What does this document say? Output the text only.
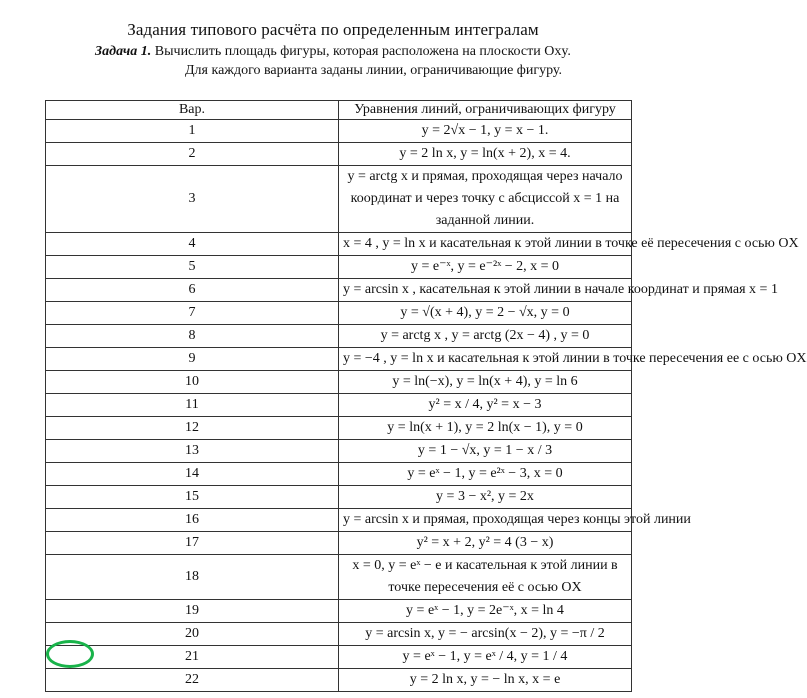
Задания типового расчёта по определенным интегралам
Задача 1. Вычислить площадь фигуры, которая расположена на плоскости Oxy.
Для каждого варианта заданы линии, ограничивающие фигуру.
Вар.	Уравнения линий, ограничивающих фигуру
1	y = 2√x − 1, y = x − 1.
2	y = 2 ln x, y = ln(x + 2), x = 4.
3	y = arctg x и прямая, проходящая через начало координат и через точку с абсциссой x = 1 на заданной линии.
4	x = 4 , y = ln x и касательная к этой линии в точке её пересечения с осью OX
5	y = e⁻ˣ, y = e⁻²ˣ − 2, x = 0
6	y = arcsin x , касательная к этой линии в начале координат и прямая x = 1
7	y = √(x + 4), y = 2 − √x, y = 0
8	y = arctg x , y = arctg (2x − 4) , y = 0
9	y = −4 , y = ln x и касательная к этой линии в точке пересечения ее с осью OX
10	y = ln(−x), y = ln(x + 4), y = ln 6
11	y² = x / 4, y² = x − 3
12	y = ln(x + 1), y = 2 ln(x − 1), y = 0
13	y = 1 − √x, y = 1 − x / 3
14	y = eˣ − 1, y = e²ˣ − 3, x = 0
15	y = 3 − x², y = 2x
16	y = arcsin x и прямая, проходящая через концы этой линии
17	y² = x + 2, y² = 4 (3 − x)
18	x = 0, y = eˣ − e и касательная к этой линии в точке пересечения её с осью OX
19	y = eˣ − 1, y = 2e⁻ˣ, x = ln 4
20	y = arcsin x, y = − arcsin(x − 2), y = −π / 2
21	y = eˣ − 1, y = eˣ / 4, y = 1 / 4
22	y = 2 ln x, y = − ln x, x = e
